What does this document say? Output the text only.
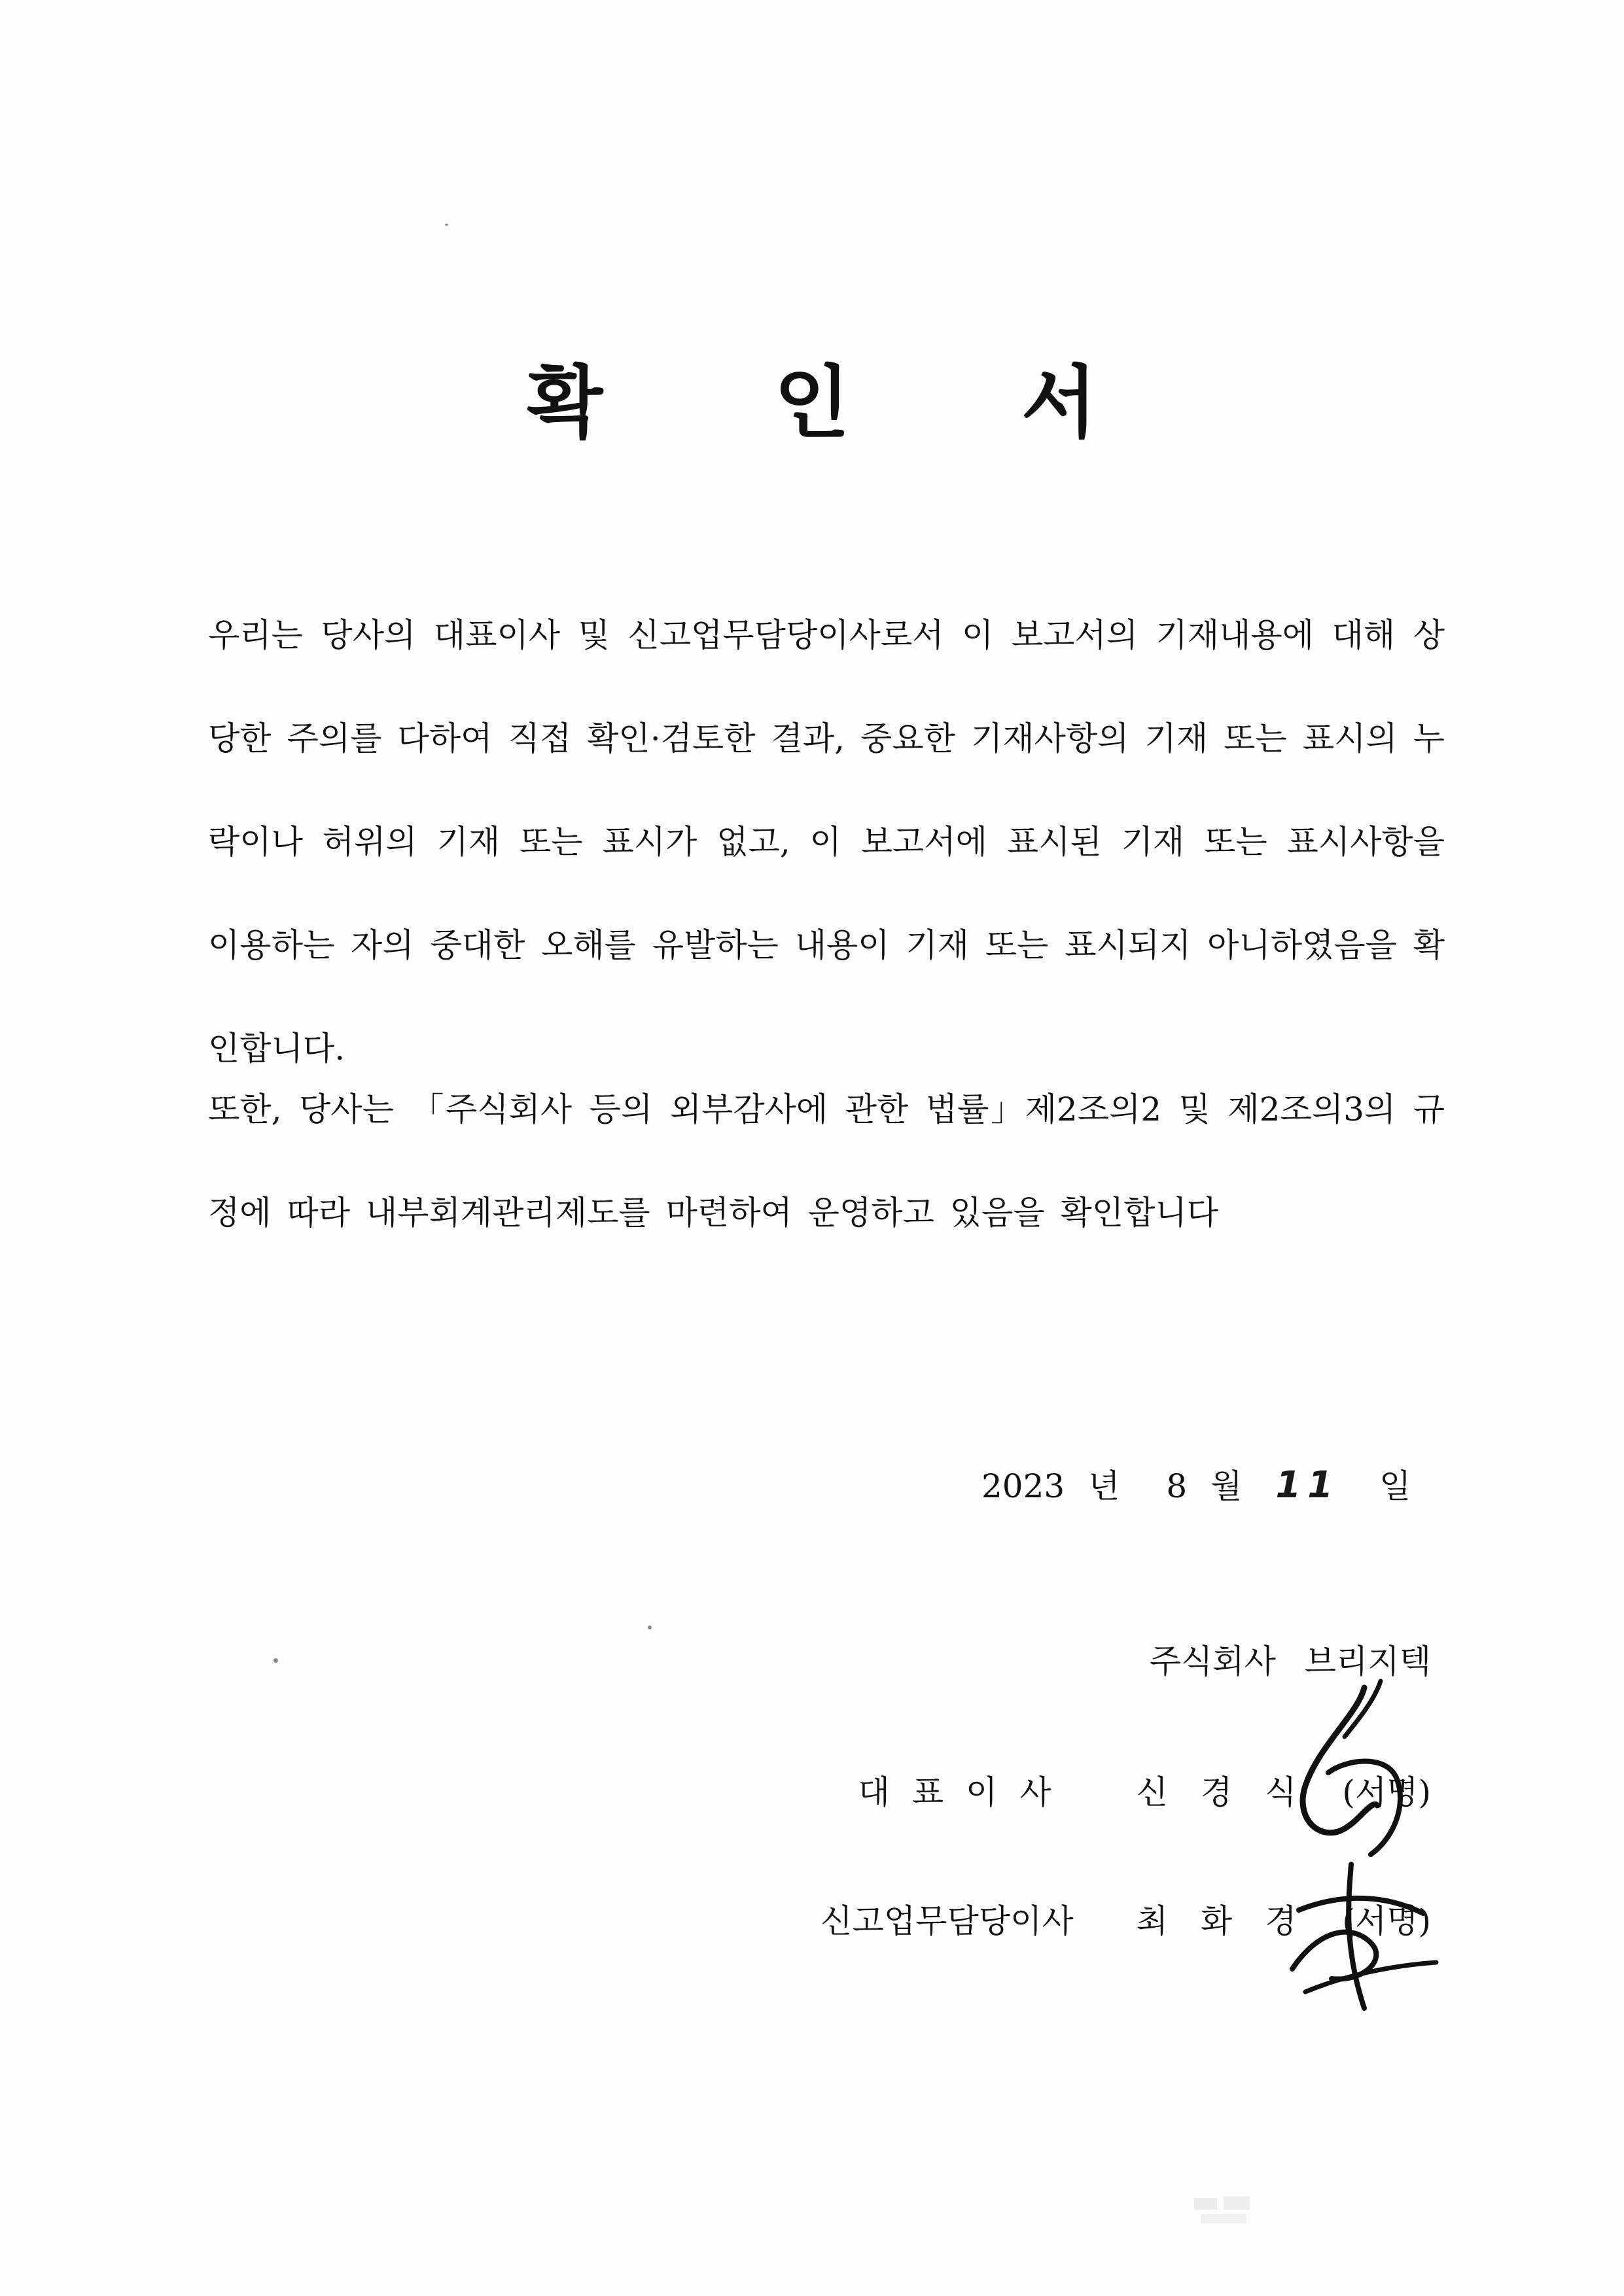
확 인 서
우리는 당사의 대표이사 및 신고업무담당이사로서 이 보고서의 기재내용에 대해 상당한 주의를 다하여 직접 확인·검토한 결과, 중요한 기재사항의 기재 또는 표시의 누락이나 허위의 기재 또는 표시가 없고, 이 보고서에 표시된 기재 또는 표시사항을 이용하는 자의 중대한 오해를 유발하는 내용이 기재 또는 표시되지 아니하였음을 확인합니다.
또한, 당사는 「주식회사 등의 외부감사에 관한 법률」제2조의2 및 제2조의3의 규정에 따라 내부회계관리제도를 마련하여 운영하고 있음을 확인합니다
2023 년 8 월 11 일
주식회사 브리지텍
대표이사 신경식 (서명)
신고업무담당이사 최화경 (서명)
